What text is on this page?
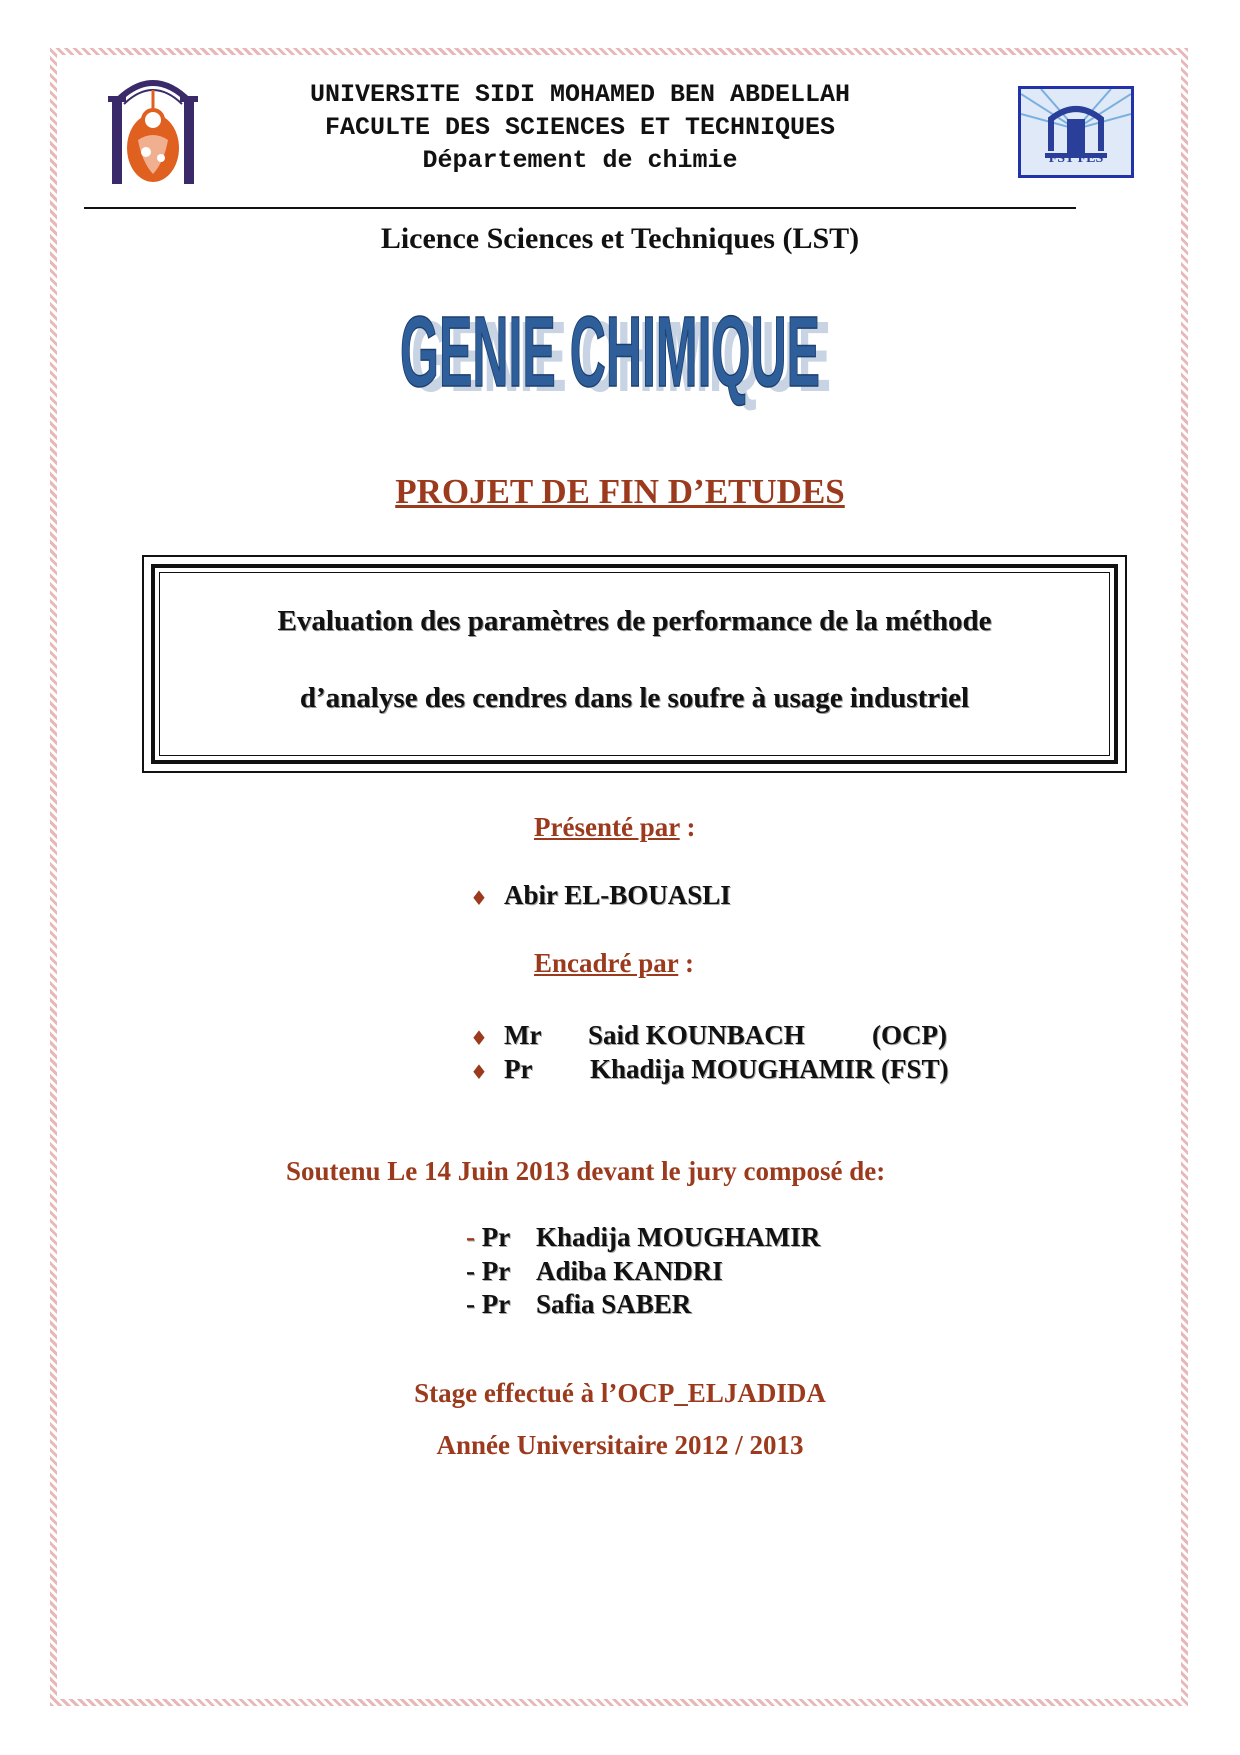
UNIVERSITE SIDI MOHAMED BEN ABDELLAH
FACULTE DES SCIENCES ET TECHNIQUES
Département de chimie	FST FES
Licence Sciences et Techniques (LST)
GENIE CHIMIQUE
GENIE CHIMIQUE
PROJET DE FIN D’ETUDES
Evaluation des paramètres de performance de la méthode
d’analyse des cendres dans le soufre à usage industriel
Présenté par :
♦ Abir EL-BOUASLI
Encadré par :
♦ Mr Said KOUNBACH (OCP)
♦ Pr Khadija MOUGHAMIR (FST)
Soutenu Le 14 Juin 2013 devant le jury composé de:
- Pr Khadija MOUGHAMIR
- Pr Adiba KANDRI
- Pr Safia SABER
Stage effectué à l’OCP_ELJADIDA
Année Universitaire 2012 / 2013
